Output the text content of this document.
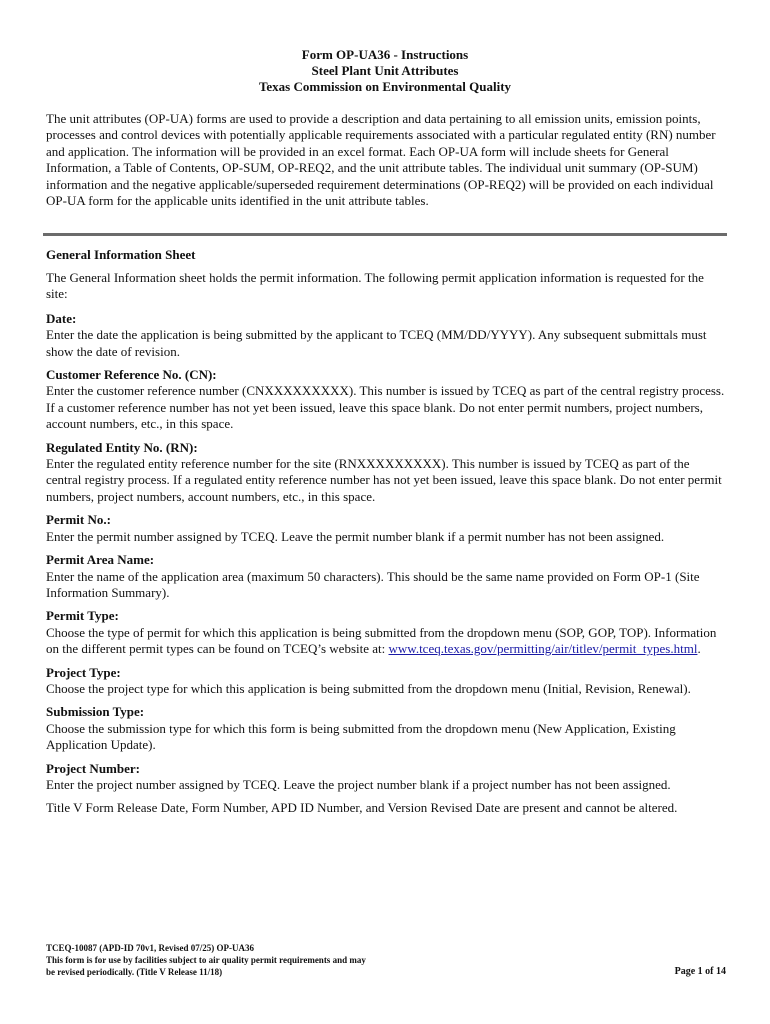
Form OP-UA36 - Instructions
Steel Plant Unit Attributes
Texas Commission on Environmental Quality

The unit attributes (OP-UA) forms are used to provide a description and data pertaining to all emission units, emission points, processes and control devices with potentially applicable requirements associated with a particular regulated entity (RN) number and application. The information will be provided in an excel format. Each OP-UA form will include sheets for General Information, a Table of Contents, OP-SUM, OP-REQ2, and the unit attribute tables. The individual unit summary (OP-SUM) information and the negative applicable/superseded requirement determinations (OP-REQ2) will be provided on each individual OP-UA form for the applicable units identified in the unit attribute tables.

General Information Sheet

The General Information sheet holds the permit information. The following permit application information is requested for the site:

Date:
Enter the date the application is being submitted by the applicant to TCEQ (MM/DD/YYYY). Any subsequent submittals must show the date of revision.
Customer Reference No. (CN):
Enter the customer reference number (CNXXXXXXXXX). This number is issued by TCEQ as part of the central registry process. If a customer reference number has not yet been issued, leave this space blank. Do not enter permit numbers, project numbers, account numbers, etc., in this space.
Regulated Entity No. (RN):
Enter the regulated entity reference number for the site (RNXXXXXXXXX). This number is issued by TCEQ as part of the central registry process. If a regulated entity reference number has not yet been issued, leave this space blank. Do not enter permit numbers, project numbers, account numbers, etc., in this space.
Permit No.:
Enter the permit number assigned by TCEQ. Leave the permit number blank if a permit number has not been assigned.
Permit Area Name:
Enter the name of the application area (maximum 50 characters). This should be the same name provided on Form OP-1 (Site Information Summary).
Permit Type:
Choose the type of permit for which this application is being submitted from the dropdown menu (SOP, GOP, TOP). Information on the different permit types can be found on TCEQ’s website at: www.tceq.texas.gov/permitting/air/titlev/permit_types.html.
Project Type:
Choose the project type for which this application is being submitted from the dropdown menu (Initial, Revision, Renewal).
Submission Type:
Choose the submission type for which this form is being submitted from the dropdown menu (New Application, Existing Application Update).
Project Number:
Enter the project number assigned by TCEQ. Leave the project number blank if a project number has not been assigned.

Title V Form Release Date, Form Number, APD ID Number, and Version Revised Date are present and cannot be altered.

TCEQ-10087 (APD-ID 70v1, Revised 07/25) OP-UA36
This form is for use by facilities subject to air quality permit requirements and may be revised periodically. (Title V Release 11/18)	Page 1 of 14
